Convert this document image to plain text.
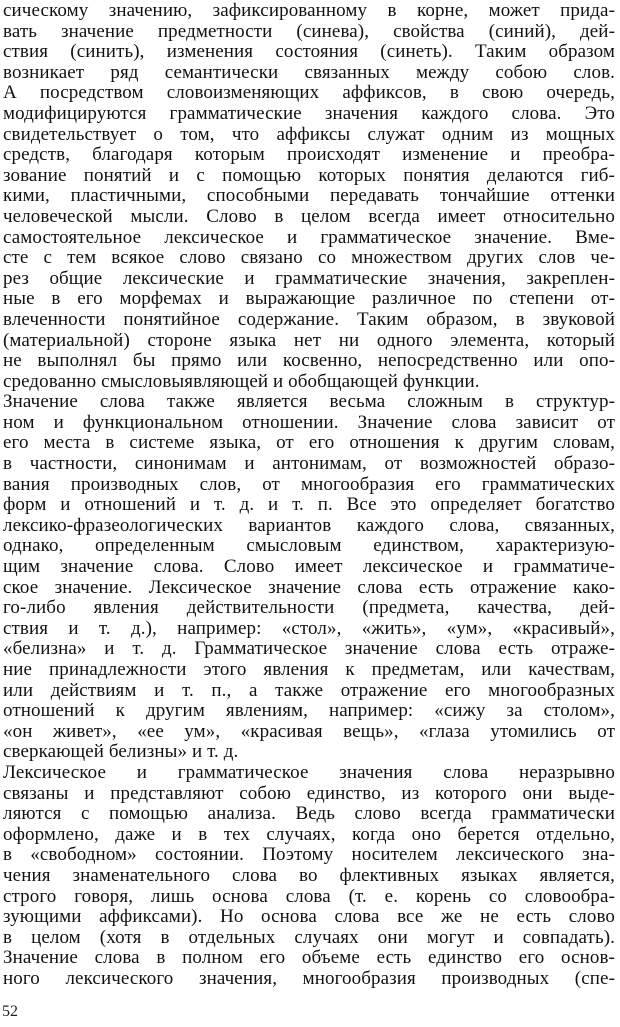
сическому значению, зафиксированному в корне, может прида-
вать значение предметности (синева), свойства (синий), дей-
ствия (синить), изменения состояния (синеть). Таким образом
возникает ряд семантически связанных между собою слов.
А посредством словоизменяющих аффиксов, в свою очередь,
модифицируются грамматические значения каждого слова. Это
свидетельствует о том, что аффиксы служат одним из мощных
средств, благодаря которым происходят изменение и преобра-
зование понятий и с помощью которых понятия делаются гиб-
кими, пластичными, способными передавать тончайшие оттенки
человеческой мысли. Слово в целом всегда имеет относительно
самостоятельное лексическое и грамматическое значение. Вме-
сте с тем всякое слово связано со множеством других слов че-
рез общие лексические и грамматические значения, закреплен-
ные в его морфемах и выражающие различное по степени от-
влеченности понятийное содержание. Таким образом, в звуковой
(материальной) стороне языка нет ни одного элемента, который
не выполнял бы прямо или косвенно, непосредственно или опо-
средованно смысловыявляющей и обобщающей функции.
Значение слова также является весьма сложным в структур-
ном и функциональном отношении. Значение слова зависит от
его места в системе языка, от его отношения к другим словам,
в частности, синонимам и антонимам, от возможностей образо-
вания производных слов, от многообразия его грамматических
форм и отношений и т. д. и т. п. Все это определяет богатство
лексико-фразеологических вариантов каждого слова, связанных,
однако, определенным смысловым единством, характеризую-
щим значение слова. Слово имеет лексическое и грамматиче-
ское значение. Лексическое значение слова есть отражение како-
го-либо явления действительности (предмета, качества, дей-
ствия и т. д.), например: «стол», «жить», «ум», «красивый»,
«белизна» и т. д. Грамматическое значение слова есть отраже-
ние принадлежности этого явления к предметам, или качествам,
или действиям и т. п., а также отражение его многообразных
отношений к другим явлениям, например: «сижу за столом»,
«он живет», «ее ум», «красивая вещь», «глаза утомились от
сверкающей белизны» и т. д.
Лексическое и грамматическое значения слова неразрывно
связаны и представляют собою единство, из которого они выде-
ляются с помощью анализа. Ведь слово всегда грамматически
оформлено, даже и в тех случаях, когда оно берется отдельно,
в «свободном» состоянии. Поэтому носителем лексического зна-
чения знаменательного слова во флективных языках является,
строго говоря, лишь основа слова (т. е. корень со словообра-
зующими аффиксами). Но основа слова все же не есть слово
в целом (хотя в отдельных случаях они могут и совпадать).
Значение слова в полном его объеме есть единство его основ-
ного лексического значения, многообразия производных (спе-
52
